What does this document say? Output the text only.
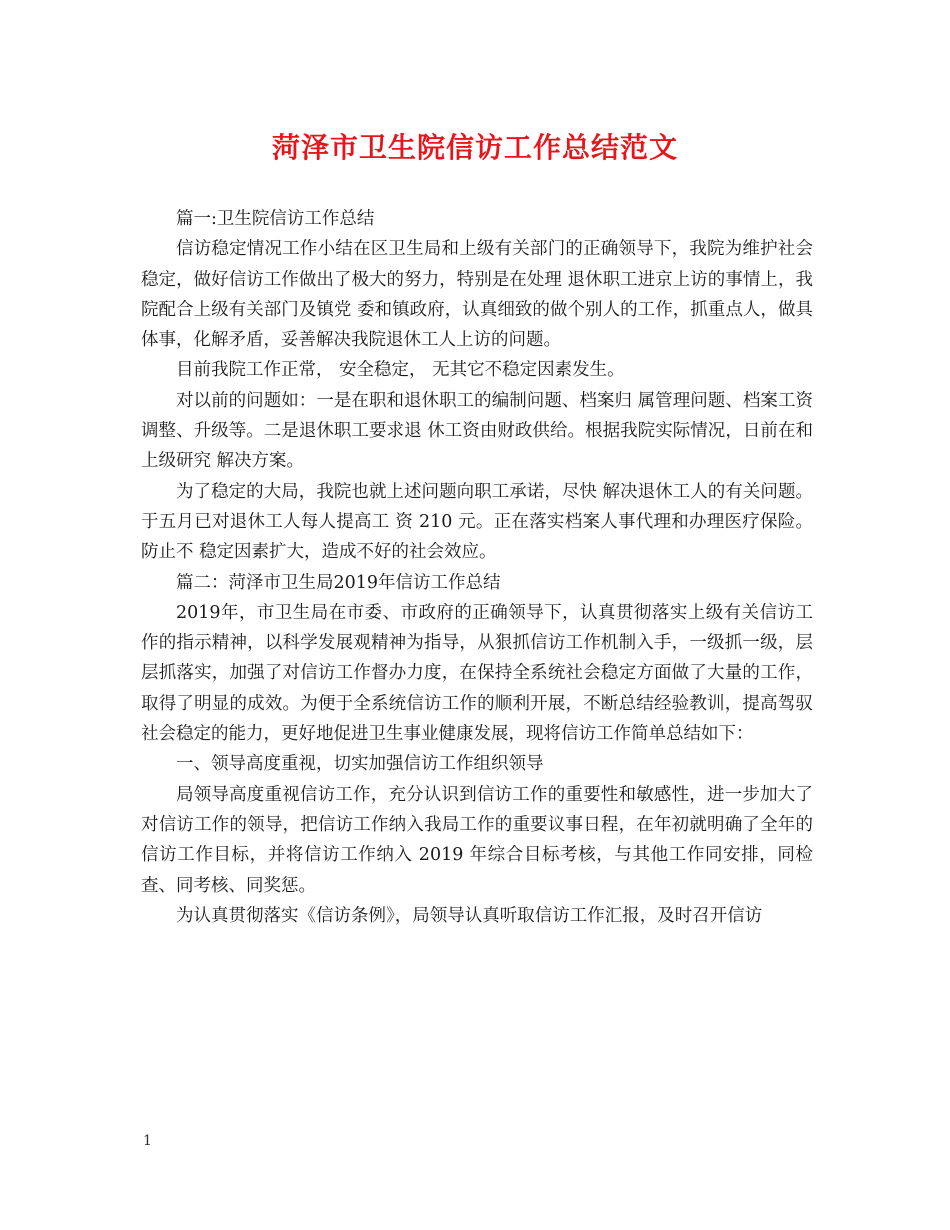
菏泽市卫生院信访工作总结范文

篇一:卫生院信访工作总结

信访稳定情况工作小结在区卫生局和上级有关部门的正确领导下，我院为维护社会稳定，做好信访工作做出了极大的努力，特别是在处理 退休职工进京上访的事情上，我院配合上级有关部门及镇党 委和镇政府，认真细致的做个别人的工作，抓重点人，做具 体事，化解矛盾，妥善解决我院退休工人上访的问题。

目前我院工作正常， 安全稳定， 无其它不稳定因素发生。

对以前的问题如：一是在职和退休职工的编制问题、档案归 属管理问题、档案工资调整、升级等。二是退休职工要求退 休工资由财政供给。根据我院实际情况，日前在和上级研究 解决方案。

为了稳定的大局，我院也就上述问题向职工承诺，尽快 解决退休工人的有关问题。于五月已对退休工人每人提高工 资 210 元。正在落实档案人事代理和办理医疗保险。防止不 稳定因素扩大，造成不好的社会效应。

篇二：菏泽市卫生局2019年信访工作总结

2019年，市卫生局在市委、市政府的正确领导下，认真贯彻落实上级有关信访工作的指示精神，以科学发展观精神为指导，从狠抓信访工作机制入手，一级抓一级，层层抓落实，加强了对信访工作督办力度，在保持全系统社会稳定方面做了大量的工作，取得了明显的成效。为便于全系统信访工作的顺利开展，不断总结经验教训，提高驾驭社会稳定的能力，更好地促进卫生事业健康发展，现将信访工作简单总结如下：

一、领导高度重视，切实加强信访工作组织领导

局领导高度重视信访工作，充分认识到信访工作的重要性和敏感性，进一步加大了对信访工作的领导，把信访工作纳入我局工作的重要议事日程，在年初就明确了全年的信访工作目标，并将信访工作纳入 2019 年综合目标考核，与其他工作同安排，同检查、同考核、同奖惩。

为认真贯彻落实《信访条例》，局领导认真听取信访工作汇报，及时召开信访

1
